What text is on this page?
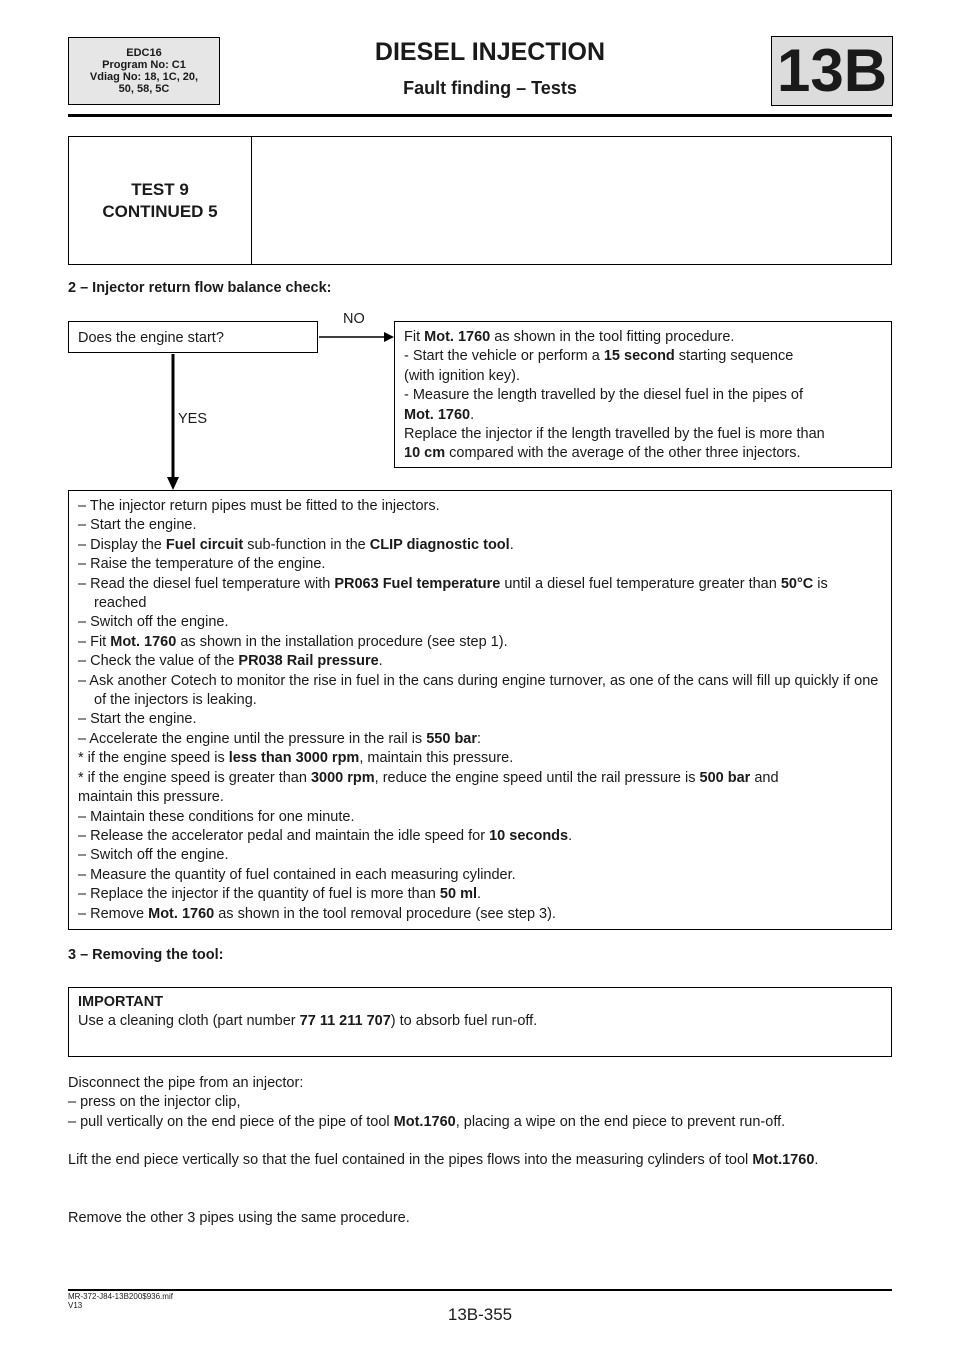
EDC16
Program No: C1
Vdiag No: 18, 1C, 20,
50, 58, 5C
DIESEL INJECTION
Fault finding – Tests	13B
TEST 9
CONTINUED 5
2 – Injector return flow balance check:
Does the engine start?
NO
YES
Fit Mot. 1760 as shown in the tool fitting procedure.
- Start the vehicle or perform a 15 second starting sequence
(with ignition key).
- Measure the length travelled by the diesel fuel in the pipes of
Mot. 1760.
Replace the injector if the length travelled by the fuel is more than
10 cm compared with the average of the other three injectors.
– The injector return pipes must be fitted to the injectors.
– Start the engine.
– Display the Fuel circuit sub-function in the CLIP diagnostic tool.
– Raise the temperature of the engine.
– Read the diesel fuel temperature with PR063 Fuel temperature until a diesel fuel temperature greater than 50°C is reached
– Switch off the engine.
– Fit Mot. 1760 as shown in the installation procedure (see step 1).
– Check the value of the PR038 Rail pressure.
– Ask another Cotech to monitor the rise in fuel in the cans during engine turnover, as one of the cans will fill up quickly if one of the injectors is leaking.
– Start the engine.
– Accelerate the engine until the pressure in the rail is 550 bar:
* if the engine speed is less than 3000 rpm, maintain this pressure.
* if the engine speed is greater than 3000 rpm, reduce the engine speed until the rail pressure is 500 bar and
maintain this pressure.
– Maintain these conditions for one minute.
– Release the accelerator pedal and maintain the idle speed for 10 seconds.
– Switch off the engine.
– Measure the quantity of fuel contained in each measuring cylinder.
– Replace the injector if the quantity of fuel is more than 50 ml.
– Remove Mot. 1760 as shown in the tool removal procedure (see step 3).
3 – Removing the tool:
IMPORTANT
Use a cleaning cloth (part number 77 11 211 707) to absorb fuel run-off.
Disconnect the pipe from an injector:
– press on the injector clip,
– pull vertically on the end piece of the pipe of tool Mot.1760, placing a wipe on the end piece to prevent run-off.
Lift the end piece vertically so that the fuel contained in the pipes flows into the measuring cylinders of tool Mot.1760.
Remove the other 3 pipes using the same procedure.
MR-372-J84-13B200$936.mif
V13	13B-355
